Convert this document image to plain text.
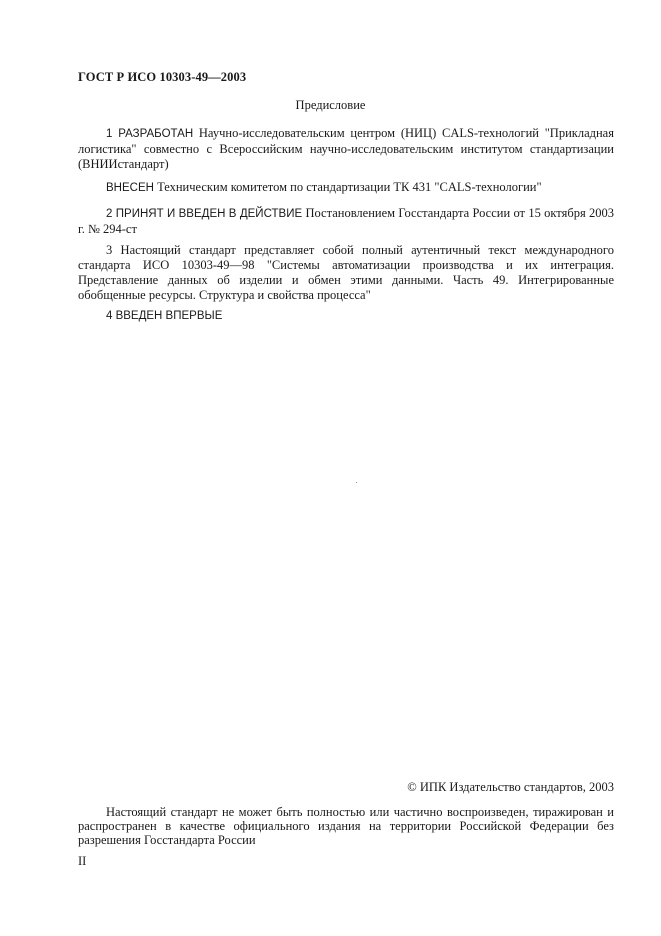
ГОСТ Р ИСО 10303-49—2003
Предисловие

1 РАЗРАБОТАН Научно-исследовательским центром (НИЦ) CALS-технологий "Прикладная логистика" совместно с Всероссийским научно-исследовательским институтом стандартизации (ВНИИстандарт)

ВНЕСЕН Техническим комитетом по стандартизации ТК 431 "CALS-технологии"

2 ПРИНЯТ И ВВЕДЕН В ДЕЙСТВИЕ Постановлением Госстандарта России от 15 октября 2003 г. № 294-ст

3 Настоящий стандарт представляет собой полный аутентичный текст международного стандарта ИСО 10303-49—98 "Системы автоматизации производства и их интеграция. Представление данных об изделии и обмен этими данными. Часть 49. Интегрированные обобщенные ресурсы. Структура и свойства процесса"

4 ВВЕДЕН ВПЕРВЫЕ

© ИПК Издательство стандартов, 2003

Настоящий стандарт не может быть полностью или частично воспроизведен, тиражирован и распространен в качестве официального издания на территории Российской Федерации без разрешения Госстандарта России

II
